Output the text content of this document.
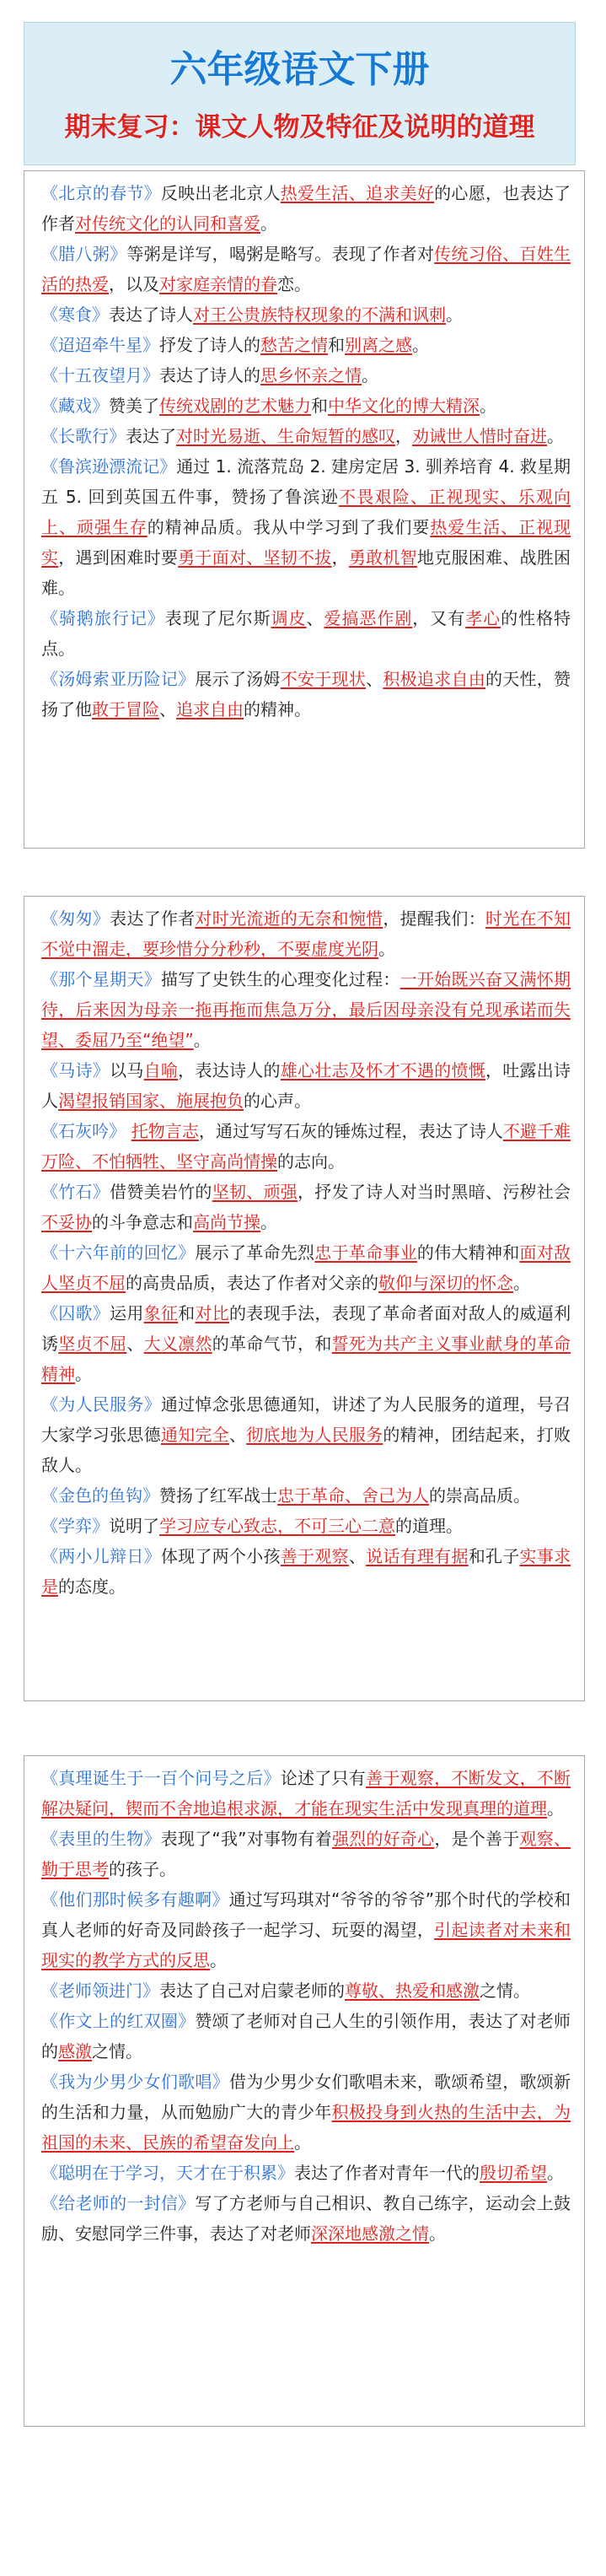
六年级语文下册
期末复习：课文人物及特征及说明的道理
《北京的春节》反映出老北京人热爱生活、追求美好的心愿，也表达了作者对传统文化的认同和喜爱。
《腊八粥》等粥是详写，喝粥是略写。表现了作者对传统习俗、百姓生活的热爱，以及对家庭亲情的眷恋。
《寒食》表达了诗人对王公贵族特权现象的不满和讽刺。
《迢迢牵牛星》抒发了诗人的愁苦之情和别离之感。
《十五夜望月》表达了诗人的思乡怀亲之情。
《藏戏》赞美了传统戏剧的艺术魅力和中华文化的博大精深。
《长歌行》表达了对时光易逝、生命短暂的感叹，劝诫世人惜时奋进。
《鲁滨逊漂流记》通过 1. 流落荒岛 2. 建房定居 3. 驯养培育 4. 救星期五 5. 回到英国五件事，赞扬了鲁滨逊不畏艰险、正视现实、乐观向上、顽强生存的精神品质。我从中学习到了我们要热爱生活、正视现实，遇到困难时要勇于面对、坚韧不拔，勇敢机智地克服困难、战胜困难。
《骑鹅旅行记》表现了尼尔斯调皮、爱搞恶作剧，又有孝心的性格特点。
《汤姆索亚历险记》展示了汤姆不安于现状、积极追求自由的天性，赞扬了他敢于冒险、追求自由的精神。
《匆匆》表达了作者对时光流逝的无奈和惋惜，提醒我们：时光在不知不觉中溜走，要珍惜分分秒秒，不要虚度光阴。
《那个星期天》描写了史铁生的心理变化过程：一开始既兴奋又满怀期待，后来因为母亲一拖再拖而焦急万分，最后因母亲没有兑现承诺而失望、委屈乃至“绝望”。
《马诗》以马自喻，表达诗人的雄心壮志及怀才不遇的愤慨，吐露出诗人渴望报销国家、施展抱负的心声。
《石灰吟》 托物言志，通过写写石灰的锤炼过程，表达了诗人不避千难万险、不怕牺牲、坚守高尚情操的志向。
《竹石》借赞美岩竹的坚韧、顽强，抒发了诗人对当时黑暗、污秽社会不妥协的斗争意志和高尚节操。
《十六年前的回忆》展示了革命先烈忠于革命事业的伟大精神和面对敌人坚贞不屈的高贵品质，表达了作者对父亲的敬仰与深切的怀念。
《囚歌》运用象征和对比的表现手法，表现了革命者面对敌人的威逼利诱坚贞不屈、大义凛然的革命气节，和誓死为共产主义事业献身的革命精神。
《为人民服务》通过悼念张思德通知，讲述了为人民服务的道理，号召大家学习张思德通知完全、彻底地为人民服务的精神，团结起来，打败敌人。
《金色的鱼钩》赞扬了红军战士忠于革命、舍己为人的崇高品质。
《学弈》说明了学习应专心致志，不可三心二意的道理。
《两小儿辩日》体现了两个小孩善于观察、说话有理有据和孔子实事求是的态度。
《真理诞生于一百个问号之后》论述了只有善于观察，不断发文，不断解决疑问，锲而不舍地追根求源，才能在现实生活中发现真理的道理。
《表里的生物》表现了“我”对事物有着强烈的好奇心，是个善于观察、勤于思考的孩子。
《他们那时候多有趣啊》通过写玛琪对“爷爷的爷爷”那个时代的学校和真人老师的好奇及同龄孩子一起学习、玩耍的渴望，引起读者对未来和现实的教学方式的反思。
《老师领进门》表达了自己对启蒙老师的尊敬、热爱和感激之情。
《作文上的红双圈》赞颂了老师对自己人生的引领作用，表达了对老师的感激之情。
《我为少男少女们歌唱》借为少男少女们歌唱未来，歌颂希望，歌颂新的生活和力量，从而勉励广大的青少年积极投身到火热的生活中去，为祖国的未来、民族的希望奋发向上。
《聪明在于学习，天才在于积累》表达了作者对青年一代的殷切希望。
《给老师的一封信》写了方老师与自己相识、教自己练字，运动会上鼓励、安慰同学三件事，表达了对老师深深地感激之情。
